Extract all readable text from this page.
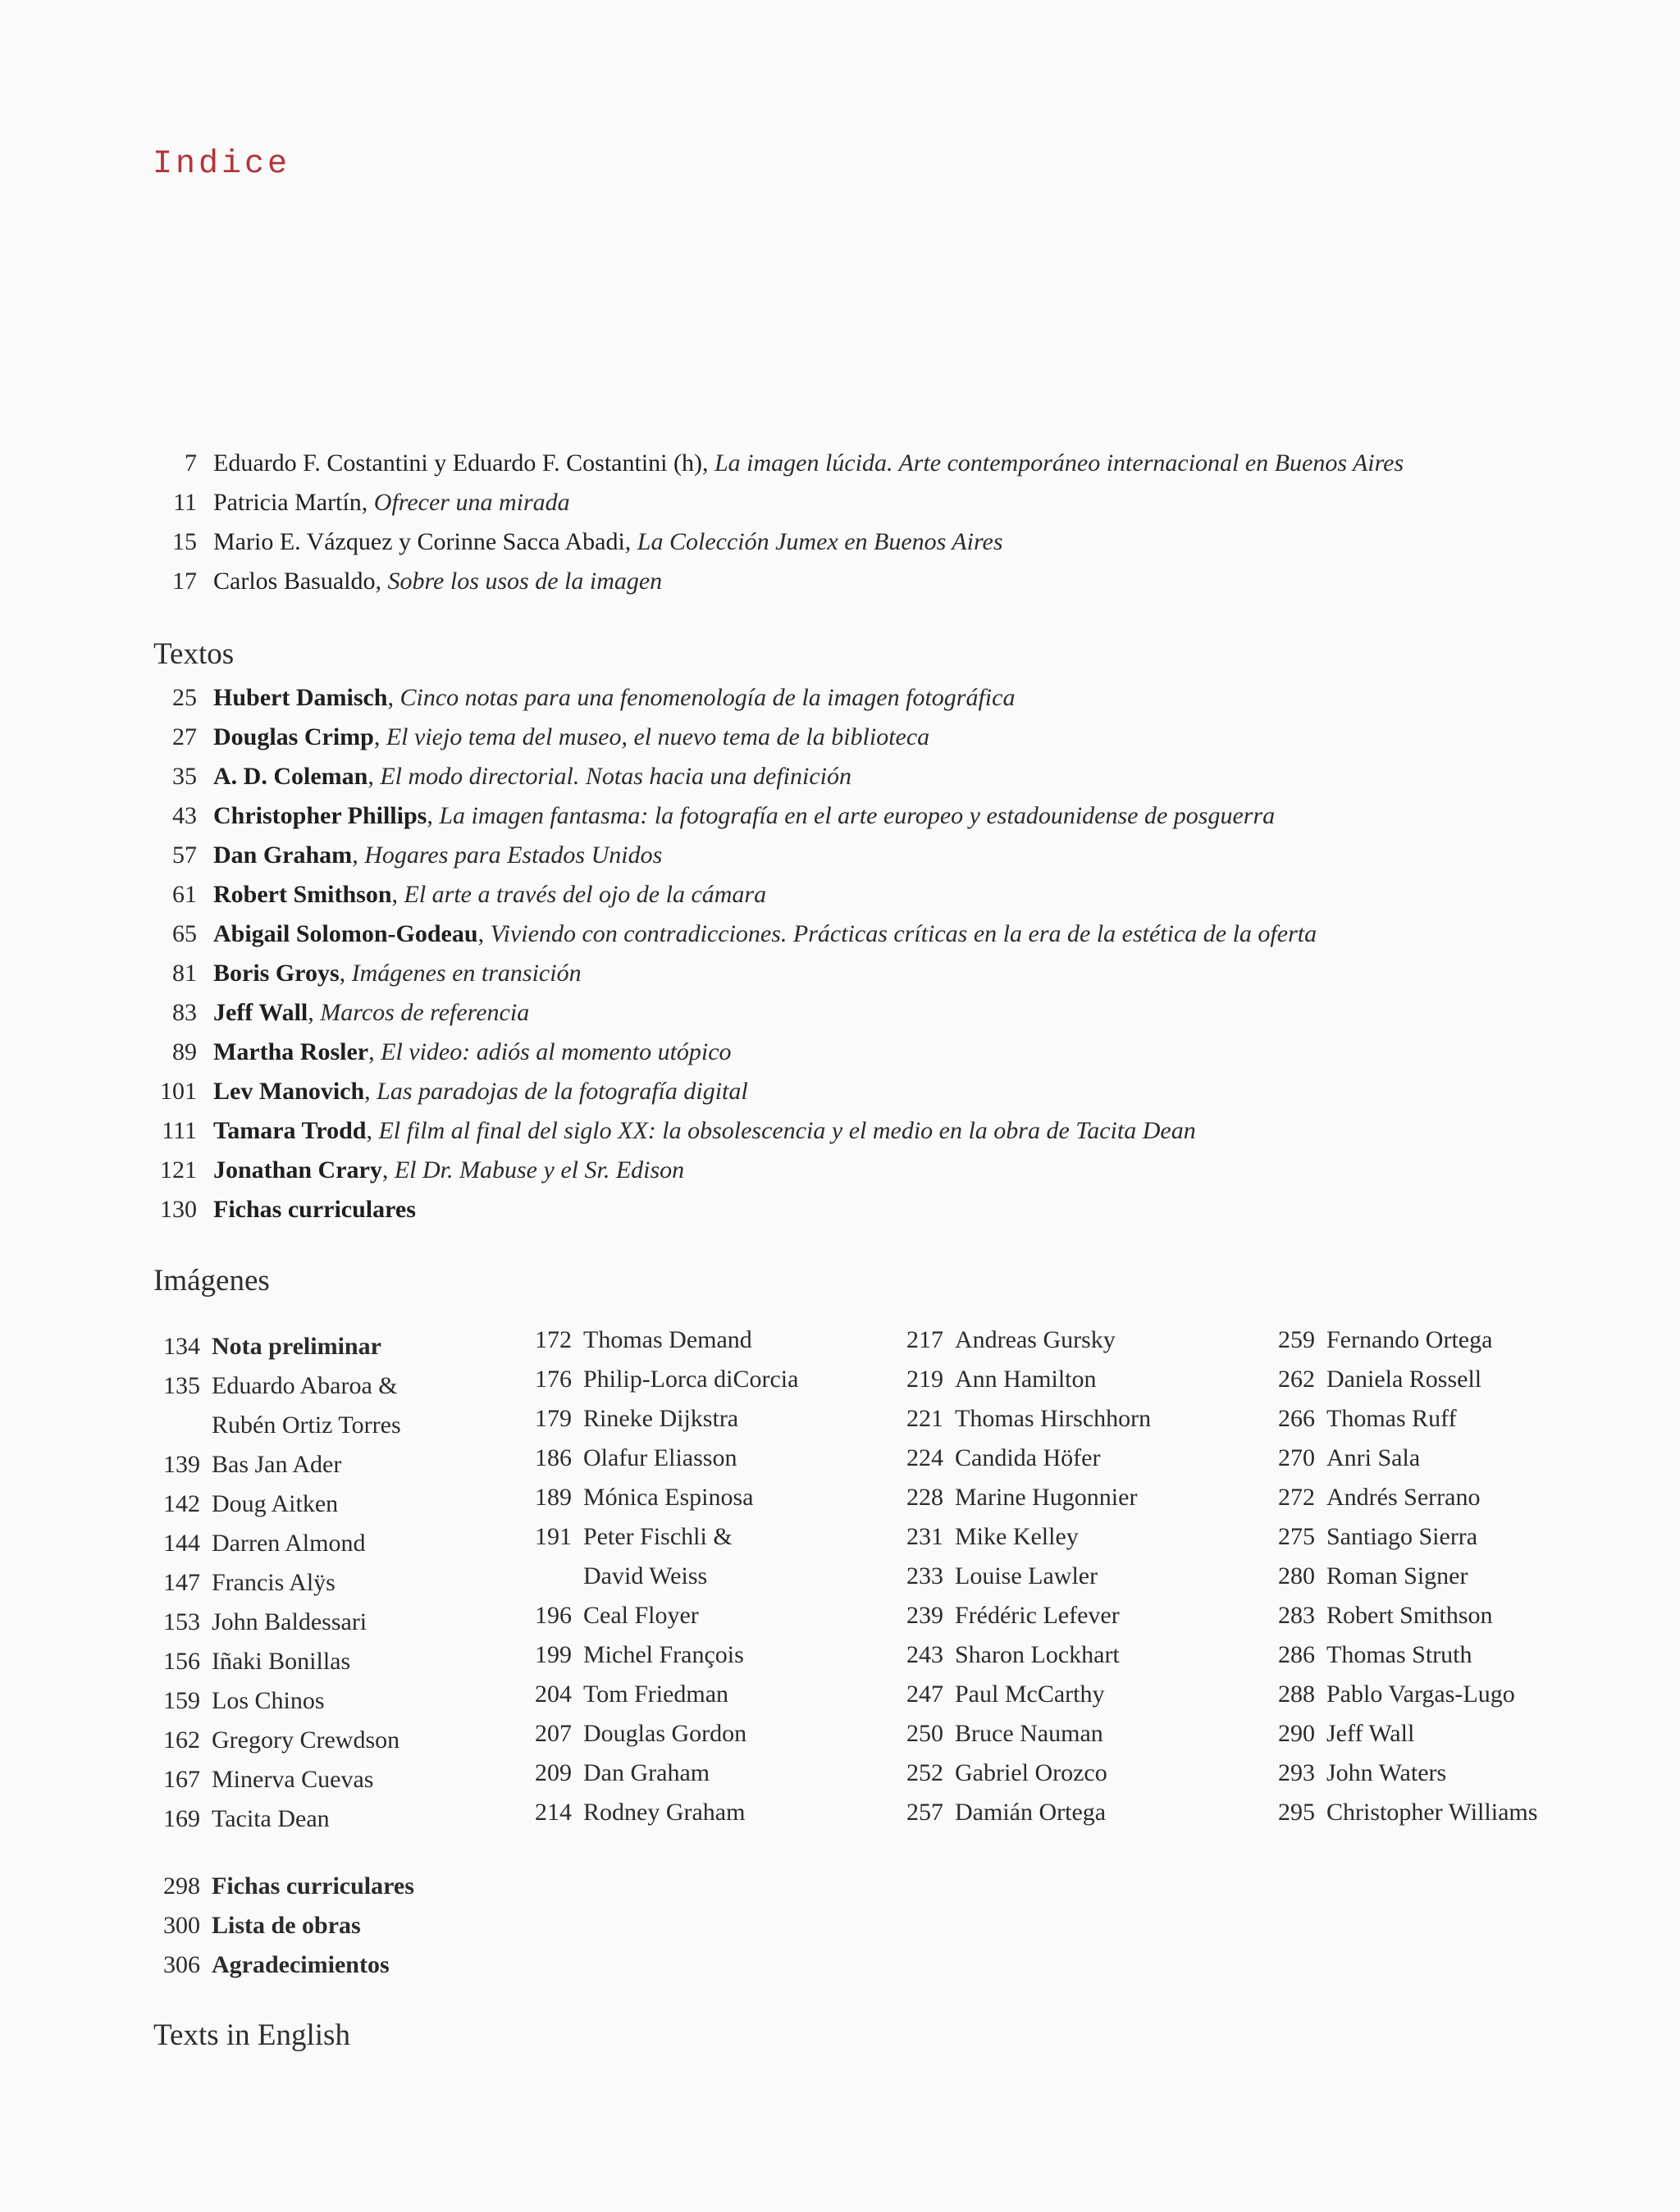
Indice
7 Eduardo F. Costantini y Eduardo F. Costantini (h), La imagen lúcida. Arte contemporáneo internacional en Buenos Aires
11 Patricia Martín, Ofrecer una mirada
15 Mario E. Vázquez y Corinne Sacca Abadi, La Colección Jumex en Buenos Aires
17 Carlos Basualdo, Sobre los usos de la imagen
Textos
25 Hubert Damisch, Cinco notas para una fenomenología de la imagen fotográfica
27 Douglas Crimp, El viejo tema del museo, el nuevo tema de la biblioteca
35 A. D. Coleman, El modo directorial. Notas hacia una definición
43 Christopher Phillips, La imagen fantasma: la fotografía en el arte europeo y estadounidense de posguerra
57 Dan Graham, Hogares para Estados Unidos
61 Robert Smithson, El arte a través del ojo de la cámara
65 Abigail Solomon-Godeau, Viviendo con contradicciones. Prácticas críticas en la era de la estética de la oferta
81 Boris Groys, Imágenes en transición
83 Jeff Wall, Marcos de referencia
89 Martha Rosler, El video: adiós al momento utópico
101 Lev Manovich, Las paradojas de la fotografía digital
111 Tamara Trodd, El film al final del siglo XX: la obsolescencia y el medio en la obra de Tacita Dean
121 Jonathan Crary, El Dr. Mabuse y el Sr. Edison
130 Fichas curriculares
Imágenes
134 Nota preliminar
135 Eduardo Abaroa &
Rubén Ortiz Torres
139 Bas Jan Ader
142 Doug Aitken
144 Darren Almond
147 Francis Alÿs
153 John Baldessari
156 Iñaki Bonillas
159 Los Chinos
162 Gregory Crewdson
167 Minerva Cuevas
169 Tacita Dean
172 Thomas Demand
176 Philip-Lorca diCorcia
179 Rineke Dijkstra
186 Olafur Eliasson
189 Mónica Espinosa
191 Peter Fischli &
David Weiss
196 Ceal Floyer
199 Michel François
204 Tom Friedman
207 Douglas Gordon
209 Dan Graham
214 Rodney Graham
217 Andreas Gursky
219 Ann Hamilton
221 Thomas Hirschhorn
224 Candida Höfer
228 Marine Hugonnier
231 Mike Kelley
233 Louise Lawler
239 Frédéric Lefever
243 Sharon Lockhart
247 Paul McCarthy
250 Bruce Nauman
252 Gabriel Orozco
257 Damián Ortega
259 Fernando Ortega
262 Daniela Rossell
266 Thomas Ruff
270 Anri Sala
272 Andrés Serrano
275 Santiago Sierra
280 Roman Signer
283 Robert Smithson
286 Thomas Struth
288 Pablo Vargas-Lugo
290 Jeff Wall
293 John Waters
295 Christopher Williams
298 Fichas curriculares
300 Lista de obras
306 Agradecimientos
Texts in English
